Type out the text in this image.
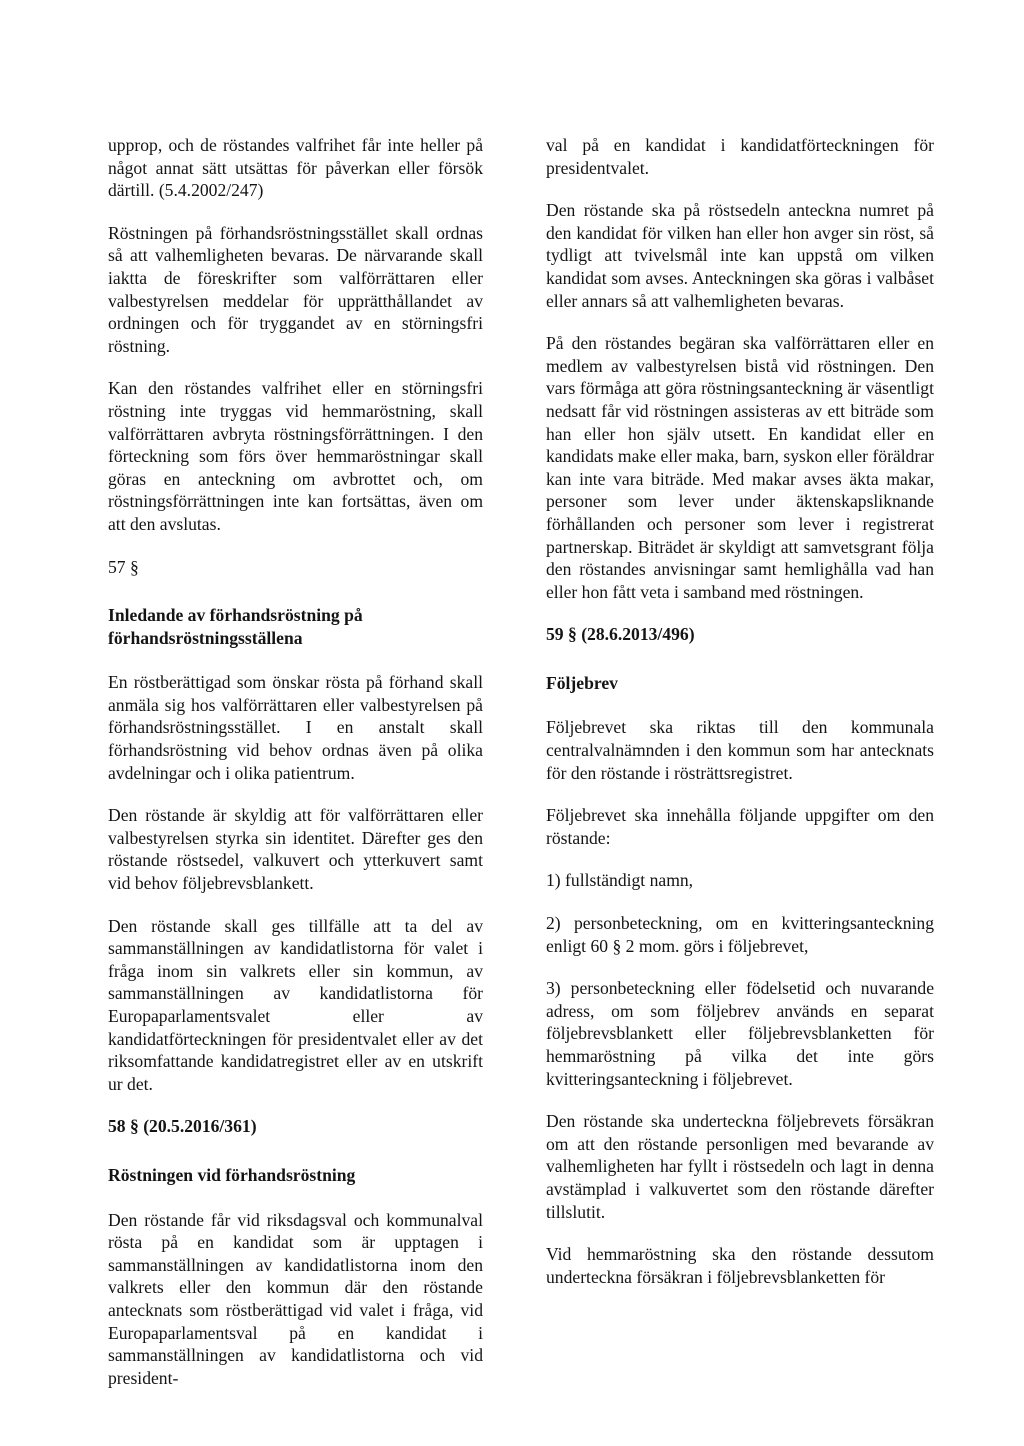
upprop, och de röstandes valfrihet får inte heller på något annat sätt utsättas för påverkan eller försök därtill. (5.4.2002/247)

Röstningen på förhandsröstningsstället skall ordnas så att valhemligheten bevaras. De närvarande skall iaktta de föreskrifter som valförrättaren eller valbestyrelsen meddelar för upprätthållandet av ordningen och för tryggandet av en störningsfri röstning.

Kan den röstandes valfrihet eller en störningsfri röstning inte tryggas vid hemmaröstning, skall valförrättaren avbryta röstningsförrättningen. I den förteckning som förs över hemmaröstningar skall göras en anteckning om avbrottet och, om röstningsförrättningen inte kan fortsättas, även om att den avslutas.

57 §
Inledande av förhandsröstning på förhandsröstningsställena

En röstberättigad som önskar rösta på förhand skall anmäla sig hos valförrättaren eller valbestyrelsen på förhandsröstningsstället. I en anstalt skall förhandsröstning vid behov ordnas även på olika avdelningar och i olika patientrum.

Den röstande är skyldig att för valförrättaren eller valbestyrelsen styrka sin identitet. Därefter ges den röstande röstsedel, valkuvert och ytterkuvert samt vid behov följebrevsblankett.

Den röstande skall ges tillfälle att ta del av sammanställningen av kandidatlistorna för valet i fråga inom sin valkrets eller sin kommun, av sammanställningen av kandidatlistorna för Europaparlamentsvalet eller av kandidatförteckningen för presidentvalet eller av det riksomfattande kandidatregistret eller av en utskrift ur det.

58 § (20.5.2016/361)
Röstningen vid förhandsröstning

Den röstande får vid riksdagsval och kommunalval rösta på en kandidat som är upptagen i sammanställningen av kandidatlistorna inom den valkrets eller den kommun där den röstande antecknats som röstberättigad vid valet i fråga, vid Europaparlamentsval på en kandidat i sammanställningen av kandidatlistorna och vid president-

val på en kandidat i kandidatförteckningen för presidentvalet.

Den röstande ska på röstsedeln anteckna numret på den kandidat för vilken han eller hon avger sin röst, så tydligt att tvivelsmål inte kan uppstå om vilken kandidat som avses. Anteckningen ska göras i valbåset eller annars så att valhemligheten bevaras.

På den röstandes begäran ska valförrättaren eller en medlem av valbestyrelsen bistå vid röstningen. Den vars förmåga att göra röstningsanteckning är väsentligt nedsatt får vid röstningen assisteras av ett biträde som han eller hon själv utsett. En kandidat eller en kandidats make eller maka, barn, syskon eller föräldrar kan inte vara biträde. Med makar avses äkta makar, personer som lever under äktenskapsliknande förhållanden och personer som lever i registrerat partnerskap. Biträdet är skyldigt att samvetsgrant följa den röstandes anvisningar samt hemlighålla vad han eller hon fått veta i samband med röstningen.

59 § (28.6.2013/496)
Följebrev

Följebrevet ska riktas till den kommunala centralvalnämnden i den kommun som har antecknats för den röstande i rösträttsregistret.

Följebrevet ska innehålla följande uppgifter om den röstande:

1) fullständigt namn,

2) personbeteckning, om en kvitteringsanteckning enligt 60 § 2 mom. görs i följebrevet,

3) personbeteckning eller födelsetid och nuvarande adress, om som följebrev används en separat följebrevsblankett eller följebrevsblanketten för hemmaröstning på vilka det inte görs kvitteringsanteckning i följebrevet.

Den röstande ska underteckna följebrevets försäkran om att den röstande personligen med bevarande av valhemligheten har fyllt i röstsedeln och lagt in denna avstämplad i valkuvertet som den röstande därefter tillslutit.

Vid hemmaröstning ska den röstande dessutom underteckna försäkran i följebrevsblanketten för
